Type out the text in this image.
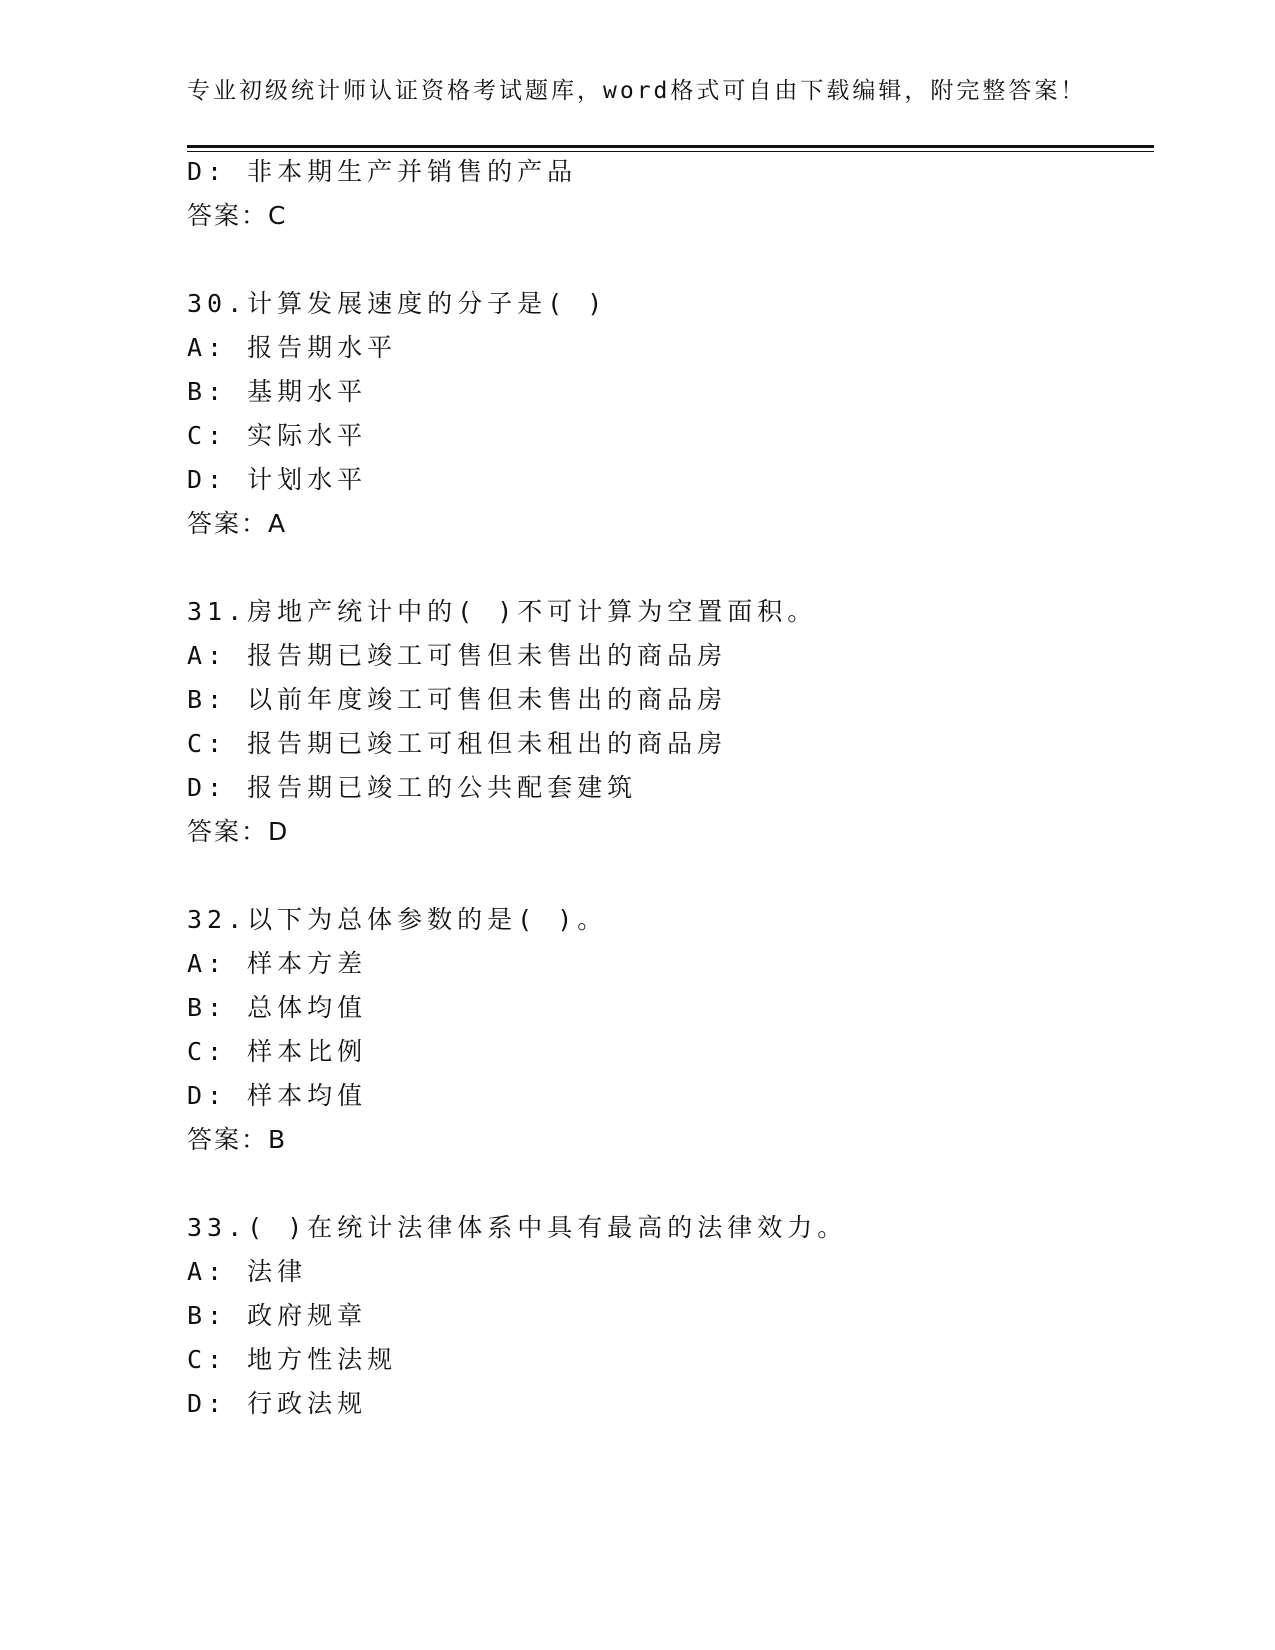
专业初级统计师认证资格考试题库，word格式可自由下载编辑，附完整答案！
D: 非本期生产并销售的产品
答案：C
30.计算发展速度的分子是( )
A: 报告期水平
B: 基期水平
C: 实际水平
D: 计划水平
答案：A
31.房地产统计中的( )不可计算为空置面积。
A: 报告期已竣工可售但未售出的商品房
B: 以前年度竣工可售但未售出的商品房
C: 报告期已竣工可租但未租出的商品房
D: 报告期已竣工的公共配套建筑
答案：D
32.以下为总体参数的是( )。
A: 样本方差
B: 总体均值
C: 样本比例
D: 样本均值
答案：B
33.( )在统计法律体系中具有最高的法律效力。
A: 法律
B: 政府规章
C: 地方性法规
D: 行政法规
